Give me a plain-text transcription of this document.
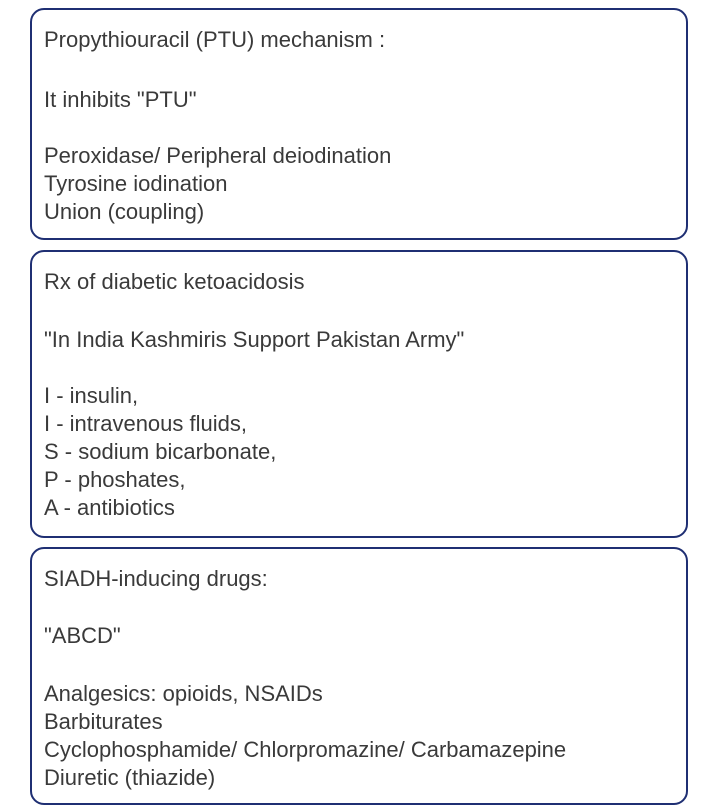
Propythiouracil (PTU) mechanism :
It inhibits "PTU"
Peroxidase/ Peripheral deiodination
Tyrosine iodination
Union (coupling)
Rx of diabetic ketoacidosis
"In India Kashmiris Support Pakistan Army"
I - insulin,
I - intravenous fluids,
S - sodium bicarbonate,
P - phoshates,
A - antibiotics
SIADH-inducing drugs:
"ABCD"
Analgesics: opioids, NSAIDs
Barbiturates
Cyclophosphamide/ Chlorpromazine/ Carbamazepine
Diuretic (thiazide)
